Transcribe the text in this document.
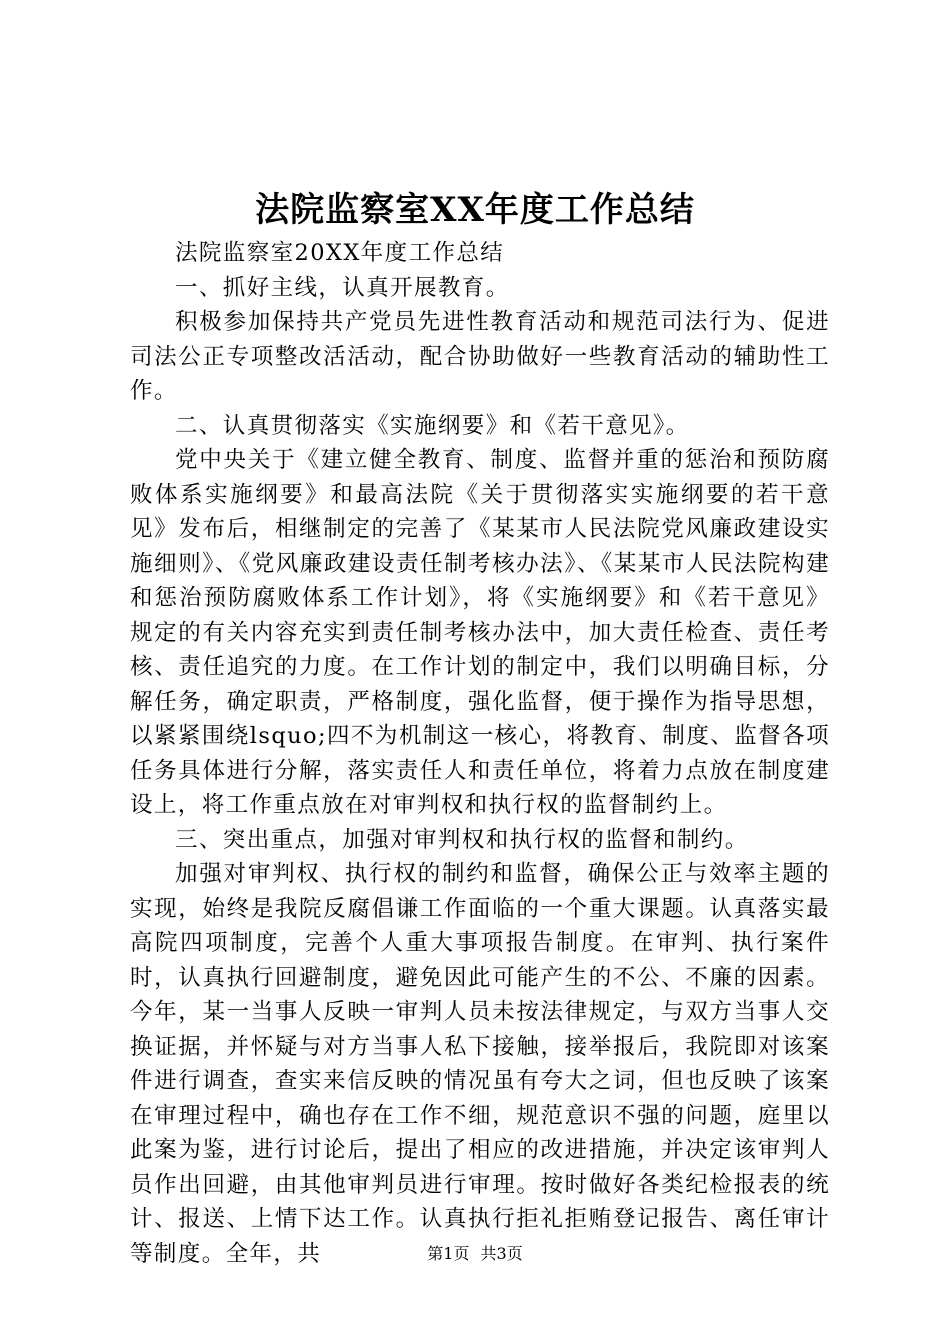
法院监察室XX年度工作总结

法院监察室20XX年度工作总结

一、抓好主线，认真开展教育。

积极参加保持共产党员先进性教育活动和规范司法行为、促进司法公正专项整改活活动，配合协助做好一些教育活动的辅助性工作。

二、认真贯彻落实《实施纲要》和《若干意见》。

党中央关于《建立健全教育、制度、监督并重的惩治和预防腐败体系实施纲要》和最高法院《关于贯彻落实实施纲要的若干意见》发布后，相继制定的完善了《某某市人民法院党风廉政建设实施细则》、《党风廉政建设责任制考核办法》、《某某市人民法院构建和惩治预防腐败体系工作计划》，将《实施纲要》和《若干意见》规定的有关内容充实到责任制考核办法中，加大责任检查、责任考核、责任追究的力度。在工作计划的制定中，我们以明确目标，分解任务，确定职责，严格制度，强化监督，便于操作为指导思想，以紧紧围绕lsquo;四不为机制这一核心，将教育、制度、监督各项任务具体进行分解，落实责任人和责任单位，将着力点放在制度建设上，将工作重点放在对审判权和执行权的监督制约上。

三、突出重点，加强对审判权和执行权的监督和制约。

加强对审判权、执行权的制约和监督，确保公正与效率主题的实现，始终是我院反腐倡谦工作面临的一个重大课题。认真落实最高院四项制度，完善个人重大事项报告制度。在审判、执行案件时，认真执行回避制度，避免因此可能产生的不公、不廉的因素。今年，某一当事人反映一审判人员未按法律规定，与双方当事人交换证据，并怀疑与对方当事人私下接触，接举报后，我院即对该案件进行调查，查实来信反映的情况虽有夸大之词，但也反映了该案在审理过程中，确也存在工作不细，规范意识不强的问题，庭里以此案为鉴，进行讨论后，提出了相应的改进措施，并决定该审判人员作出回避，由其他审判员进行审理。按时做好各类纪检报表的统计、报送、上情下达工作。认真执行拒礼拒贿登记报告、离任审计等制度。全年，共	第1页 共3页
